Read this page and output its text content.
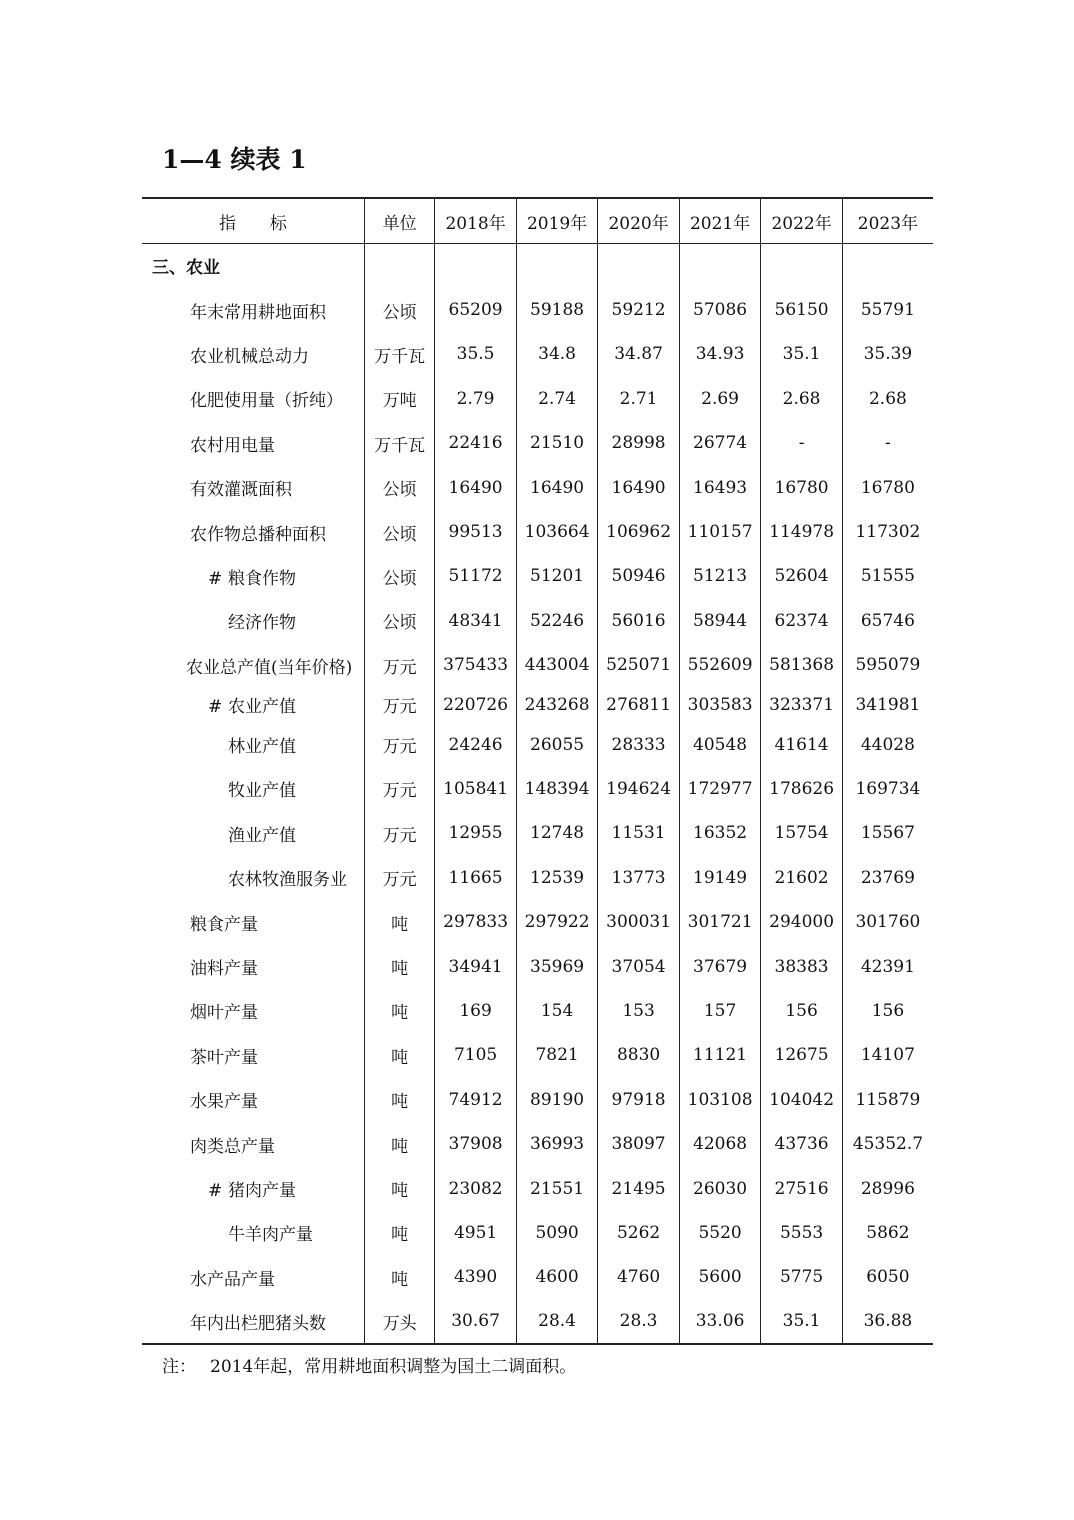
1—4 续表 1
指　　标	单位	2018年	2019年	2020年	2021年	2022年	2023年
三、农业							
年末常用耕地面积	公顷	65209	59188	59212	57086	56150	55791
农业机械总动力	万千瓦	35.5	34.8	34.87	34.93	35.1	35.39
化肥使用量（折纯）	万吨	2.79	2.74	2.71	2.69	2.68	2.68
农村用电量	万千瓦	22416	21510	28998	26774	-	-
有效灌溉面积	公顷	16490	16490	16490	16493	16780	16780
农作物总播种面积	公顷	99513	103664	106962	110157	114978	117302
# 粮食作物	公顷	51172	51201	50946	51213	52604	51555
经济作物	公顷	48341	52246	56016	58944	62374	65746
农业总产值(当年价格)	万元	375433	443004	525071	552609	581368	595079
# 农业产值	万元	220726	243268	276811	303583	323371	341981
林业产值	万元	24246	26055	28333	40548	41614	44028
牧业产值	万元	105841	148394	194624	172977	178626	169734
渔业产值	万元	12955	12748	11531	16352	15754	15567
农林牧渔服务业	万元	11665	12539	13773	19149	21602	23769
粮食产量	吨	297833	297922	300031	301721	294000	301760
油料产量	吨	34941	35969	37054	37679	38383	42391
烟叶产量	吨	169	154	153	157	156	156
茶叶产量	吨	7105	7821	8830	11121	12675	14107
水果产量	吨	74912	89190	97918	103108	104042	115879
肉类总产量	吨	37908	36993	38097	42068	43736	45352.7
# 猪肉产量	吨	23082	21551	21495	26030	27516	28996
牛羊肉产量	吨	4951	5090	5262	5520	5553	5862
水产品产量	吨	4390	4600	4760	5600	5775	6050
年内出栏肥猪头数	万头	30.67	28.4	28.3	33.06	35.1	36.88
注： 2014年起，常用耕地面积调整为国土二调面积。
